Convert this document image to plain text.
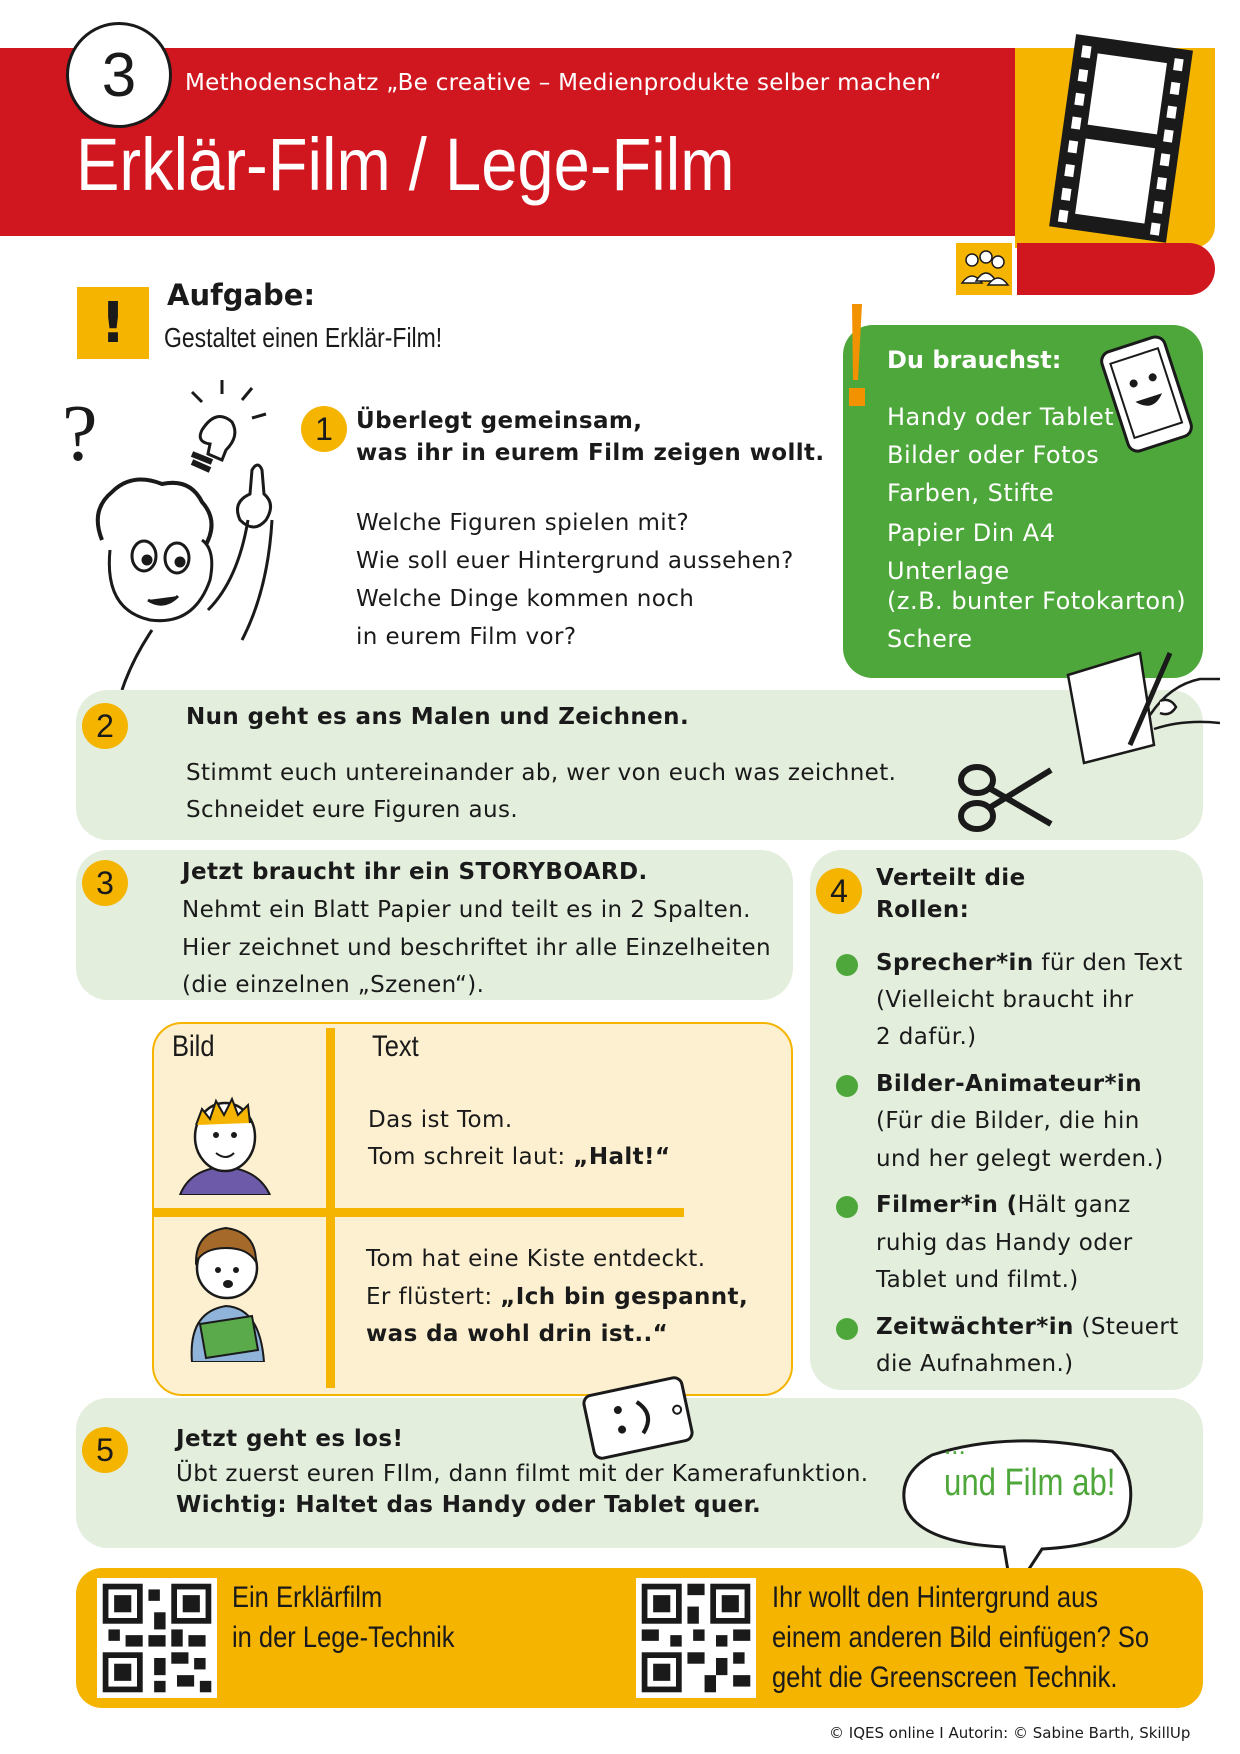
3 Methodenschatz „Be creative – Medienprodukte selber machen“
Erklär-Film / Lege-Film
!	Aufgabe:
Gestaltet einen Erklär-Film!
?
Du brauchst:
Handy oder Tablet
Bilder oder Fotos
Farben, Stifte
Papier Din A4
Unterlage
(z.B. bunter Fotokarton)
Schere
1 Überlegt gemeinsam,
was ihr in eurem Film zeigen wollt.
Welche Figuren spielen mit?
Wie soll euer Hintergrund aussehen?
Welche Dinge kommen noch
in eurem Film vor?
2	Nun geht es ans Malen und Zeichnen.
Stimmt euch untereinander ab, wer von euch was zeichnet.
Schneidet eure Figuren aus.
3	Jetzt braucht ihr ein STORYBOARD.
Nehmt ein Blatt Papier und teilt es in 2 Spalten.
Hier zeichnet und beschriftet ihr alle Einzelheiten
(die einzelnen „Szenen“).
Bild	Text
Das ist Tom.
Tom schreit laut: „Halt!“
Tom hat eine Kiste entdeckt.
Er flüstert: „Ich bin gespannt,
was da wohl drin ist..“
4 Verteilt die
Rollen:
Sprecher*in für den Text
(Vielleicht braucht ihr
2 dafür.)
Bilder-Animateur*in
(Für die Bilder, die hin
und her gelegt werden.)
Filmer*in (Hält ganz
ruhig das Handy oder
Tablet und filmt.)
Zeitwächter*in (Steuert
die Aufnahmen.)
5	Jetzt geht es los!
Übt zuerst euren FIlm, dann filmt mit der Kamerafunktion.
Wichtig: Haltet das Handy oder Tablet quer.
...
und Film ab!
Ein Erklärfilm
in der Lege-Technik
Ihr wollt den Hintergrund aus
einem anderen Bild einfügen? So
geht die Greenscreen Technik.
© IQES online I Autorin: © Sabine Barth, SkillUp
